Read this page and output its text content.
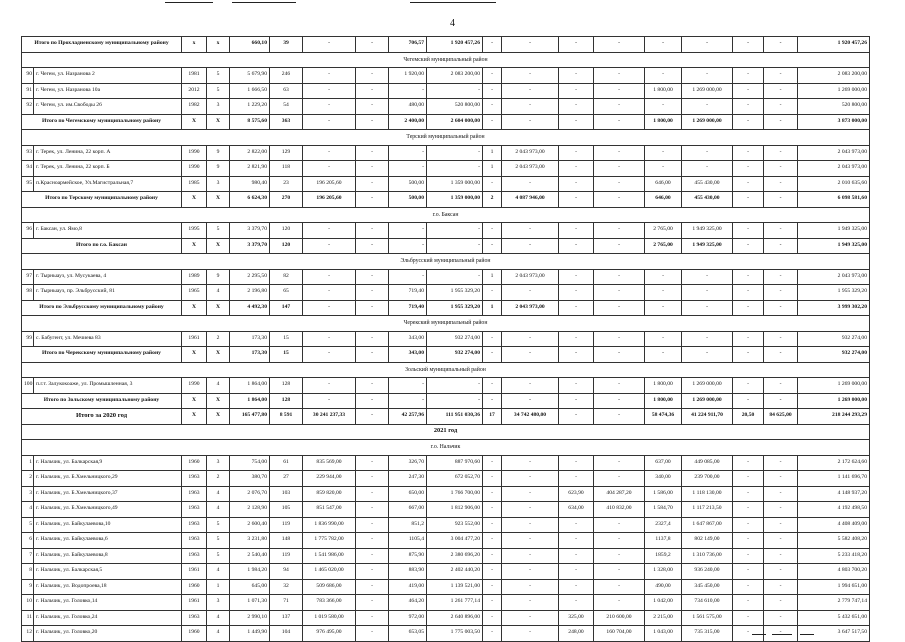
4
Итого по Прохладненскому муниципальному району		х	х	660,10	39	-	-	706,57	1 920 457,26	-	-	-	-	-	-	-	-	1 920 457,26
Чегемский муниципальный район																		
90	г. Чегем, ул. Назранова 2	1981	5	5 679,90	246	-	-	1 920,00	2 083 200,00	-	-	-	-	-	-	-	-	2 083 200,00
91	г. Чегем, ул. Назранова 10а	2012	5	1 666,50	63	-	-	-	-	-	-	-	-	1 800,00	1 269 000,00	-	-	1 269 000,00
92	г. Чегем, ул. им.Свободы 26	1982	3	1 229,20	54	-	-	480,00	520 800,00	-	-	-	-	-	-	-	-	520 800,00
Итого по Чегемскому муниципальному району		Х	Х	8 575,60	363	-	-	2 400,00	2 604 000,00	-	-	-	-	1 800,00	1 269 000,00	-	-	3 873 000,00
Терский муниципальный район																		
93	г. Терек, ул. Ленина, 22 корп. А	1990	9	2 822,00	129	-	-	-	-	1	2 043 973,00	-	-	-	-	-	-	2 043 973,00
94	г. Терек, ул. Ленина, 22 корп. Б	1990	9	2 821,90	118	-	-	-	-	1	2 043 973,00	-	-	-	-	-	-	2 043 973,00
95	п.Красноармейское, Ул.Магистральная,7	1985	3	980,40	23	196 205,60	-	500,00	1 359 000,00	-	-	-	-	646,00	455 430,00	-	-	2 010 635,60
Итого по Терскому муниципальному району		Х	Х	6 624,30	270	196 205,60	-	500,00	1 359 000,00	2	4 087 946,00	-	-	646,00	455 430,00	-	-	6 098 581,60
г.о. Баксан																		
96	г. Баксан, ул. Ямо,8	1995	5	3 379,70	120	-	-	-	-	-	-	-	-	2 765,00	1 949 325,00	-	-	1 949 325,00
Итого по г.о. Баксан		Х	Х	3 379,70	120	-	-	-	-	-	-	-	-	2 765,00	1 949 325,00	-	-	1 949 325,00
Эльбрусский муниципальный район																		
97	г. Тырныауз, ул. Мусукаева, 4	1989	9	2 295,50	82	-	-	-	-	1	2 043 973,00	-	-	-	-	-	-	2 043 973,00
98	г. Тырныауз, пр. Эльбрусский, 81	1965	4	2 196,80	65	-	-	719,40	1 955 329,20	-	-	-	-	-	-	-	-	1 955 329,20
Итого по Эльбрусскому муниципальному району		Х	Х	4 492,30	147	-	-	719,40	1 955 329,20	1	2 043 973,00	-	-	-	-	-	-	3 999 302,20
Черекский муниципальный район																		
99	с. Бабугент, ул. Мечиева 83	1961	2	173,30	15	-	-	343,00	932 274,00	-	-	-	-	-	-	-	-	932 274,00
Итого по Черекскому муниципальному району		Х	Х	173,30	15	-	-	343,00	932 274,00	-	-	-	-	-	-	-	-	932 274,00
Зольский муниципальный район																		
100	п.г.т. Залукокоаже, ул. Промышленная, 3	1990	4	1 864,00	128	-	-	-	-	-	-	-	-	1 800,00	1 269 000,00	-	-	1 269 000,00
Итого по Зольскому муниципальному району		Х	Х	1 864,00	128	-	-	-	-	-	-	-	-	1 800,00	1 269 000,00	-	-	1 269 000,00
Итого за 2020 год		Х	Х	165 477,80	8 591	30 241 237,33	-	42 257,96	111 951 030,36	17	34 742 480,00	-	-	58 474,36	41 224 911,70	20,50	84 625,00	218 244 293,29
2021 год																		
г.о. Нальчик																		
1	г. Нальчик, ул. Балкарская,9	1960	3	754,00	61	835 569,00	-	326,70	887 970,60	-	-	-	-	637,00	449 085,00	-	-	2 172 624,60
2	г. Нальчик, ул. Б.Хмельницкого,29	1963	2	380,70	27	229 944,00	-	247,30	672 052,70	-	-	-	-	340,00	239 700,00	-	-	1 141 696,70
3	г. Нальчик, ул. Б.Хмельницкого,37	1963	4	2 076,70	103	859 820,00	-	650,00	1 766 700,00	-	-	623,90	404 287,20	1 586,00	1 118 130,00	-	-	4 148 937,20
4	г. Нальчик, ул. Б.Хмельницкого,49	1963	4	2 128,90	105	851 547,00	-	667,00	1 812 906,00	-	-	634,00	410 832,00	1 584,70	1 117 213,50	-	-	4 192 498,50
5	г. Нальчик, ул. Байкулаевова,10	1963	5	2 600,40	119	1 836 990,00	-	851,2	923 552,00	-	-	-	-	2327,4	1 647 867,00	-	-	4 408 409,00
6	г. Нальчик, ул. Байкулаевова,6	1963	5	3 231,80	148	1 775 782,00	-	1105,4	3 004 477,20	-	-	-	-	1137,8	802 149,00	-	-	5 582 408,20
7	г. Нальчик, ул. Байкулаевова,8	1963	5	2 540,40	119	1 541 986,00	-	875,90	2 380 696,20	-	-	-	-	1859,2	1 310 736,00	-	-	5 233 418,20
8	г. Нальчик, ул. Балкарская,5	1961	4	1 984,20	94	1 465 020,00	-	883,90	2 402 440,20	-	-	-	-	1 328,00	936 240,00	-	-	4 803 700,20
9	г. Нальчик, ул. Водопроева,18	1960	1	645,00	32	509 686,00	-	419,00	1 139 521,00	-	-	-	-	490,00	345 450,00	-	-	1 994 651,00
10	г. Нальчик, ул. Головко,14	1961	3	1 071,30	71	783 366,00	-	464,20	1 261 777,14	-	-	-	-	1 042,00	734 610,00	-	-	2 779 747,14
11	г. Нальчик, ул. Головко,24	1963	4	2 990,10	137	1 019 580,00	-	972,00	2 640 896,00	-	-	325,00	210 600,00	2 215,00	1 561 575,00	-	-	5 432 651,00
12	г. Нальчик, ул. Головко,20	1960	4	1 449,90	104	976 495,00	-	653,05	1 775 003,50	-	-	248,00	160 704,00	1 043,00	735 315,00	-	-	3 647 517,50
